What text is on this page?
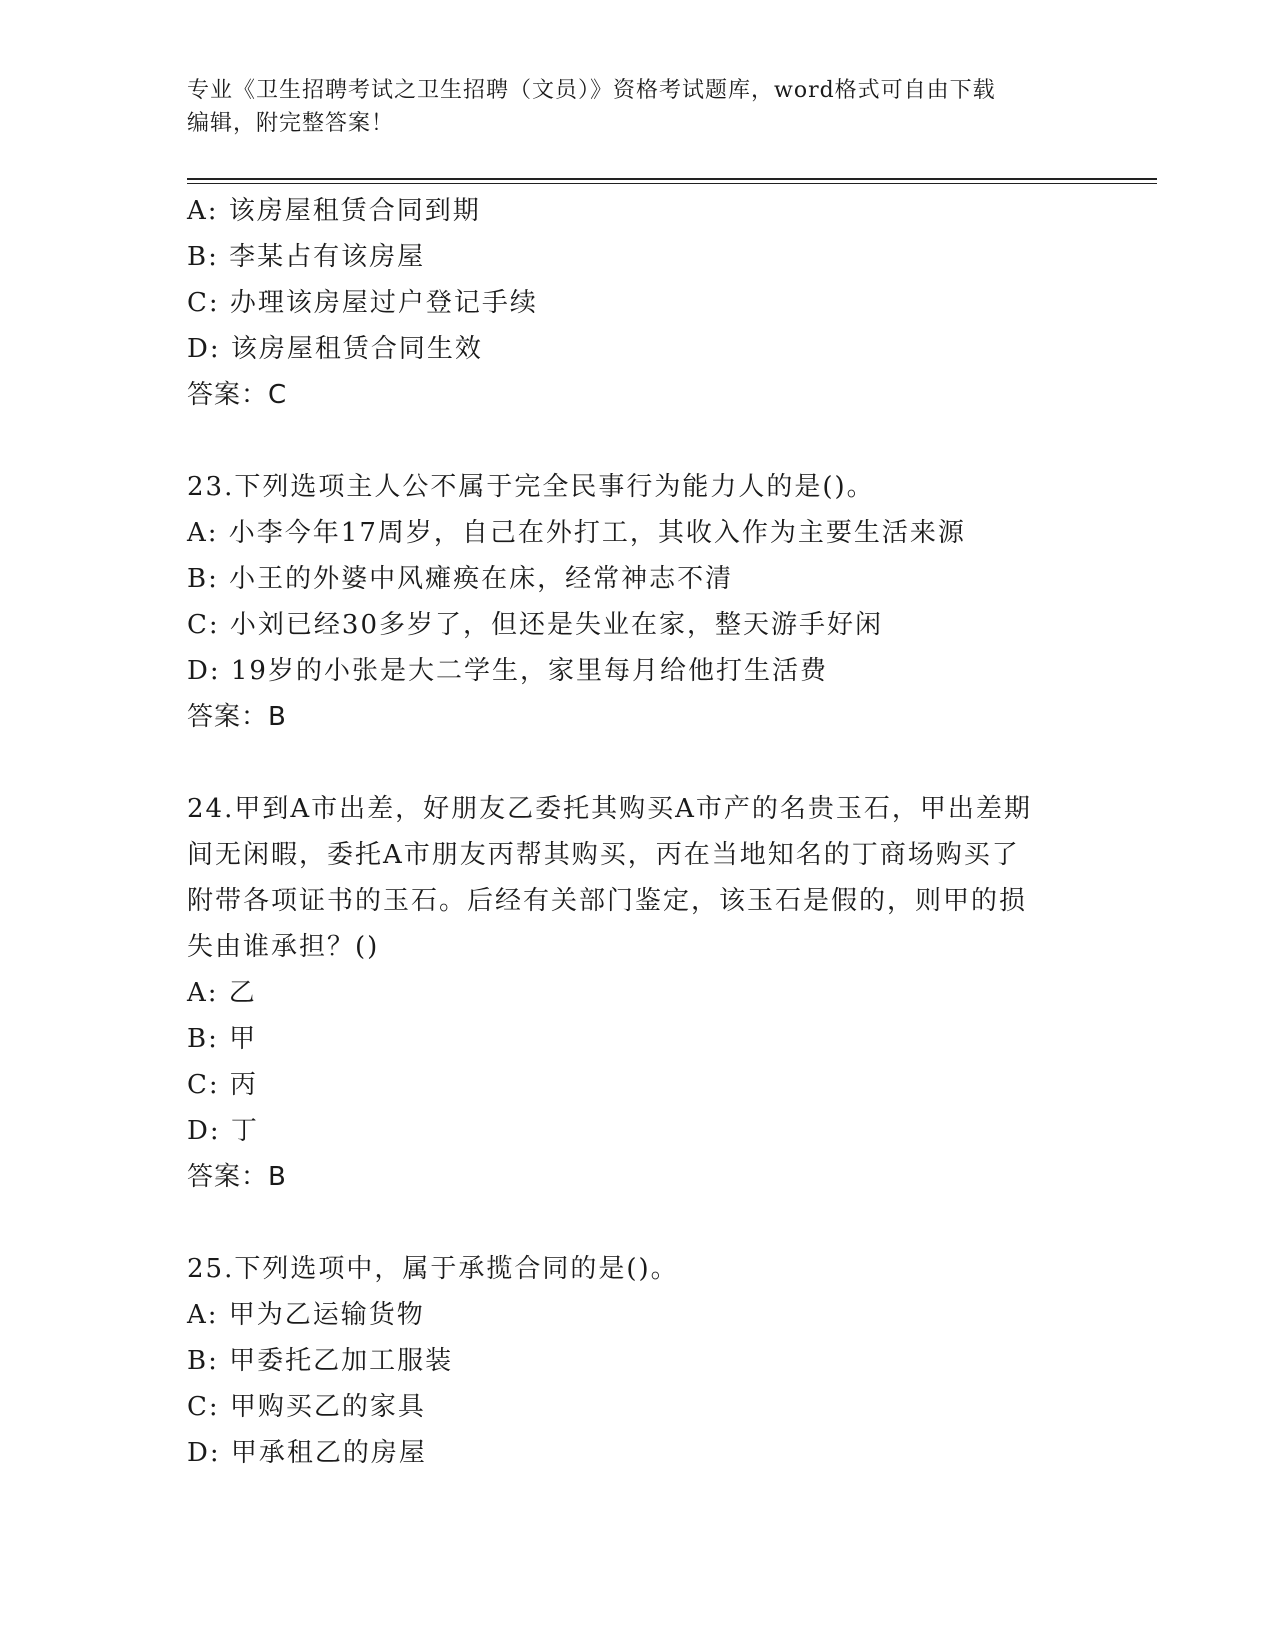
专业《卫生招聘考试之卫生招聘（文员）》资格考试题库，word格式可自由下载
编辑，附完整答案！
A: 该房屋租赁合同到期
B: 李某占有该房屋
C: 办理该房屋过户登记手续
D: 该房屋租赁合同生效
答案：C
23.下列选项主人公不属于完全民事行为能力人的是()。
A: 小李今年17周岁，自己在外打工，其收入作为主要生活来源
B: 小王的外婆中风瘫痪在床，经常神志不清
C: 小刘已经30多岁了，但还是失业在家，整天游手好闲
D: 19岁的小张是大二学生，家里每月给他打生活费
答案：B
24.甲到A市出差，好朋友乙委托其购买A市产的名贵玉石，甲出差期
间无闲暇，委托A市朋友丙帮其购买，丙在当地知名的丁商场购买了
附带各项证书的玉石。后经有关部门鉴定，该玉石是假的，则甲的损
失由谁承担？()
A: 乙
B: 甲
C: 丙
D: 丁
答案：B
25.下列选项中，属于承揽合同的是()。
A: 甲为乙运输货物
B: 甲委托乙加工服装
C: 甲购买乙的家具
D: 甲承租乙的房屋
